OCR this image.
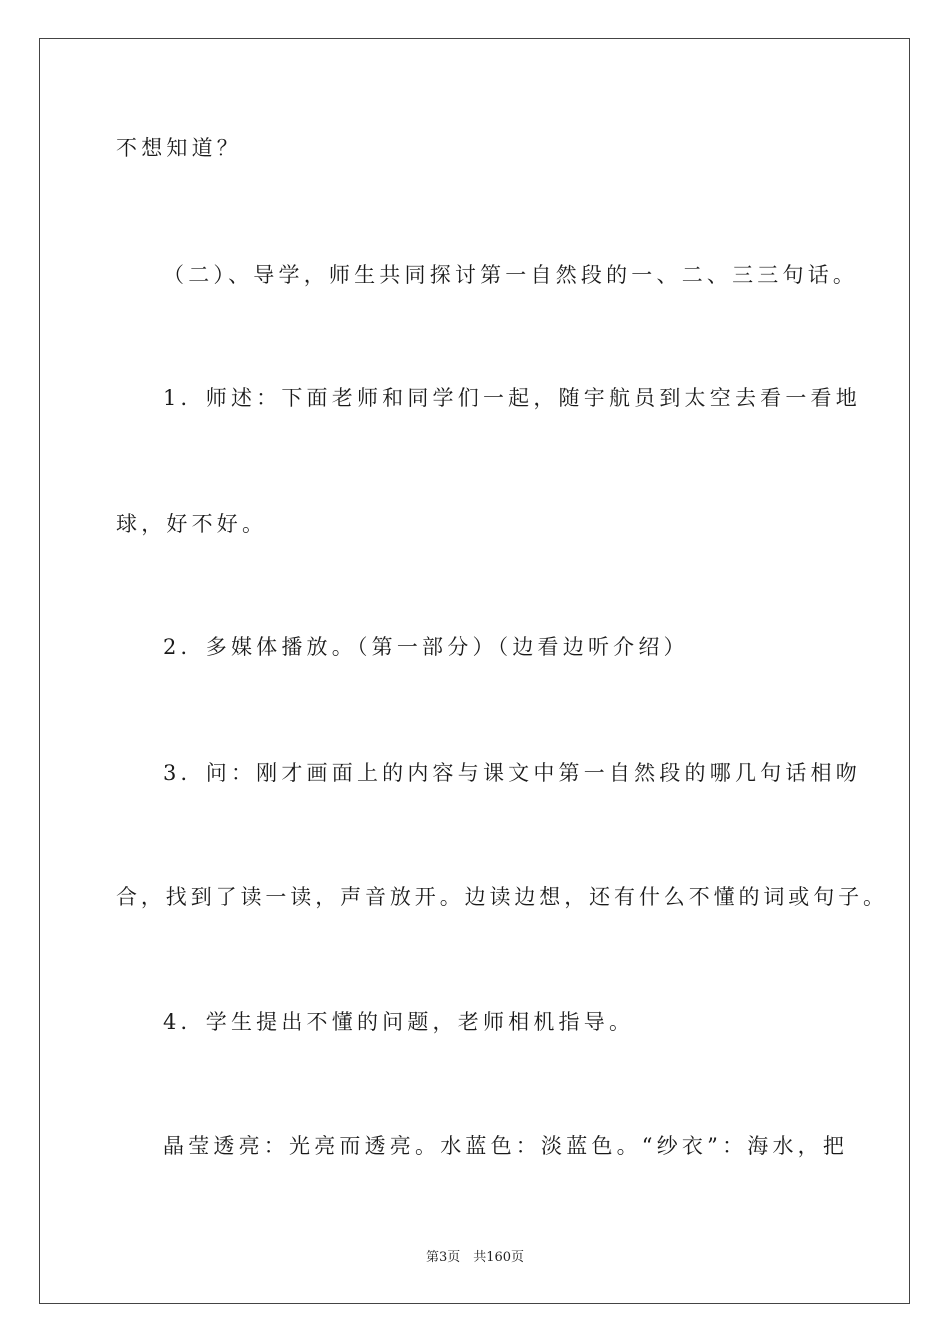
不想知道？
（二）、导学，师生共同探讨第一自然段的一、二、三三句话。
1．师述：下面老师和同学们一起，随宇航员到太空去看一看地
球，好不好。
2．多媒体播放。（第一部分）（边看边听介绍）
3．问：刚才画面上的内容与课文中第一自然段的哪几句话相吻
合，找到了读一读，声音放开。边读边想，还有什么不懂的词或句子。
4．学生提出不懂的问题，老师相机指导。
晶莹透亮：光亮而透亮。水蓝色：淡蓝色。“纱衣”：海水，把
第3页　共160页
